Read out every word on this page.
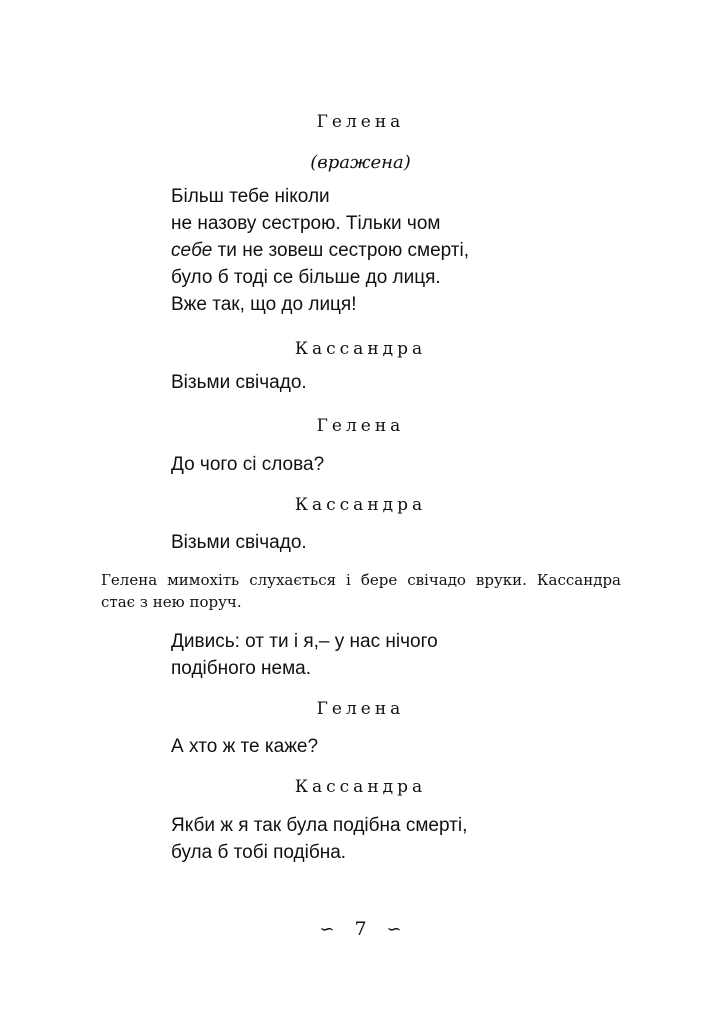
Гелена
(вражена)
Більш тебе ніколи
не назову сестрою. Тільки чом
себе ти не зовеш сестрою смерті,
було б тоді се більше до лиця.
Вже так, що до лиця!
Кассандра
Візьми свічадо.
Гелена
До чого сі слова?
Кассандра
Візьми свічадо.
Гелена мимохіть слухається і бере свічадо вруки. Кассандра стає з нею поруч.
Дивись: от ти і я,– у нас нічого
подібного нема.
Гелена
А хто ж те каже?
Кассандра
Якби ж я так була подібна смерті,
була б тобі подібна.
∽ 7 ∽
